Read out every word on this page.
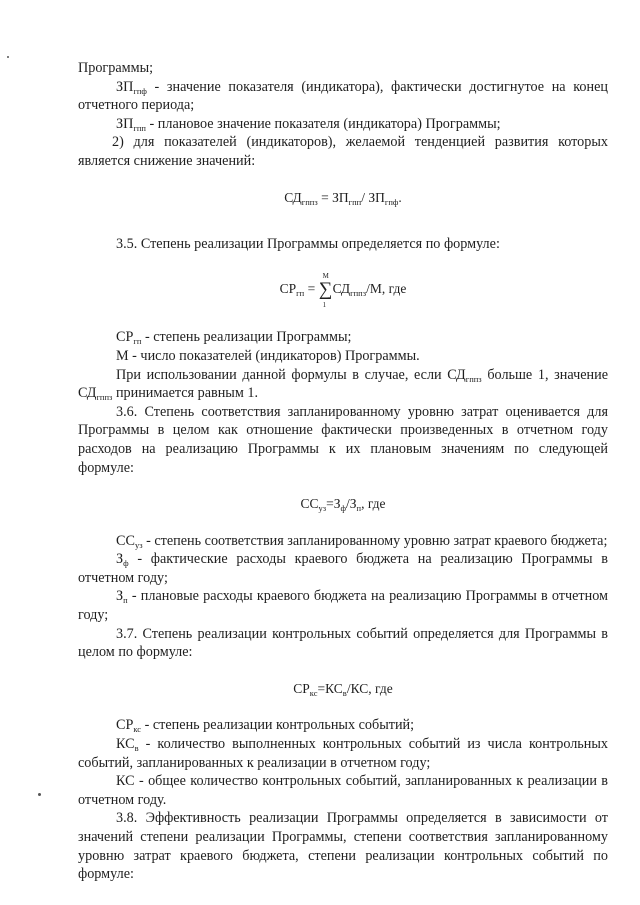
Программы;

$ЗП_{гпф}$ - значение показателя (индикатора), фактически достигнутое на конец отчетного периода;

$ЗП_{гпп}$ - плановое значение показателя (индикатора) Программы;

2) для показателей (индикаторов), желаемой тенденцией развития которых является снижение значений:

$СД_{гппз} = ЗП_{гпп}/$ $ЗП_{гпф}$.

3.5. Степень реализации Программы определяется по формуле:

$СР_{гп}$ =
М
∑
1
$СД_{гппз}/М$, где

$СР_{гп}$ - степень реализации Программы;

М - число показателей (индикаторов) Программы.

При использовании данной формулы в случае, если $СД_{гппз}$ больше 1, значение $СД_{гппз}$ принимается равным 1.

3.6. Степень соответствия запланированному уровню затрат оценивается для Программы в целом как отношение фактически произведенных в отчетном году расходов на реализацию Программы к их плановым значениям по следующей формуле:

$СС_{уз}=З_ф/З_п$, где

$СС_{уз}$ - степень соответствия запланированному уровню затрат краевого бюджета;

$З_ф$ - фактические расходы краевого бюджета на реализацию Программы в отчетном году;

$З_п$ - плановые расходы краевого бюджета на реализацию Программы в отчетном году;

3.7. Степень реализации контрольных событий определяется для Программы в целом по формуле:

$СР_{кс}=КС_в/КС$, где

$СР_{кс}$ - степень реализации контрольных событий;

$КС_в$ - количество выполненных контрольных событий из числа контрольных событий, запланированных к реализации в отчетном году;

КС - общее количество контрольных событий, запланированных к реализации в отчетном году.

3.8. Эффективность реализации Программы определяется в зависимости от значений степени реализации Программы, степени соответствия запланированному уровню затрат краевого бюджета, степени реализации контрольных событий по формуле:
